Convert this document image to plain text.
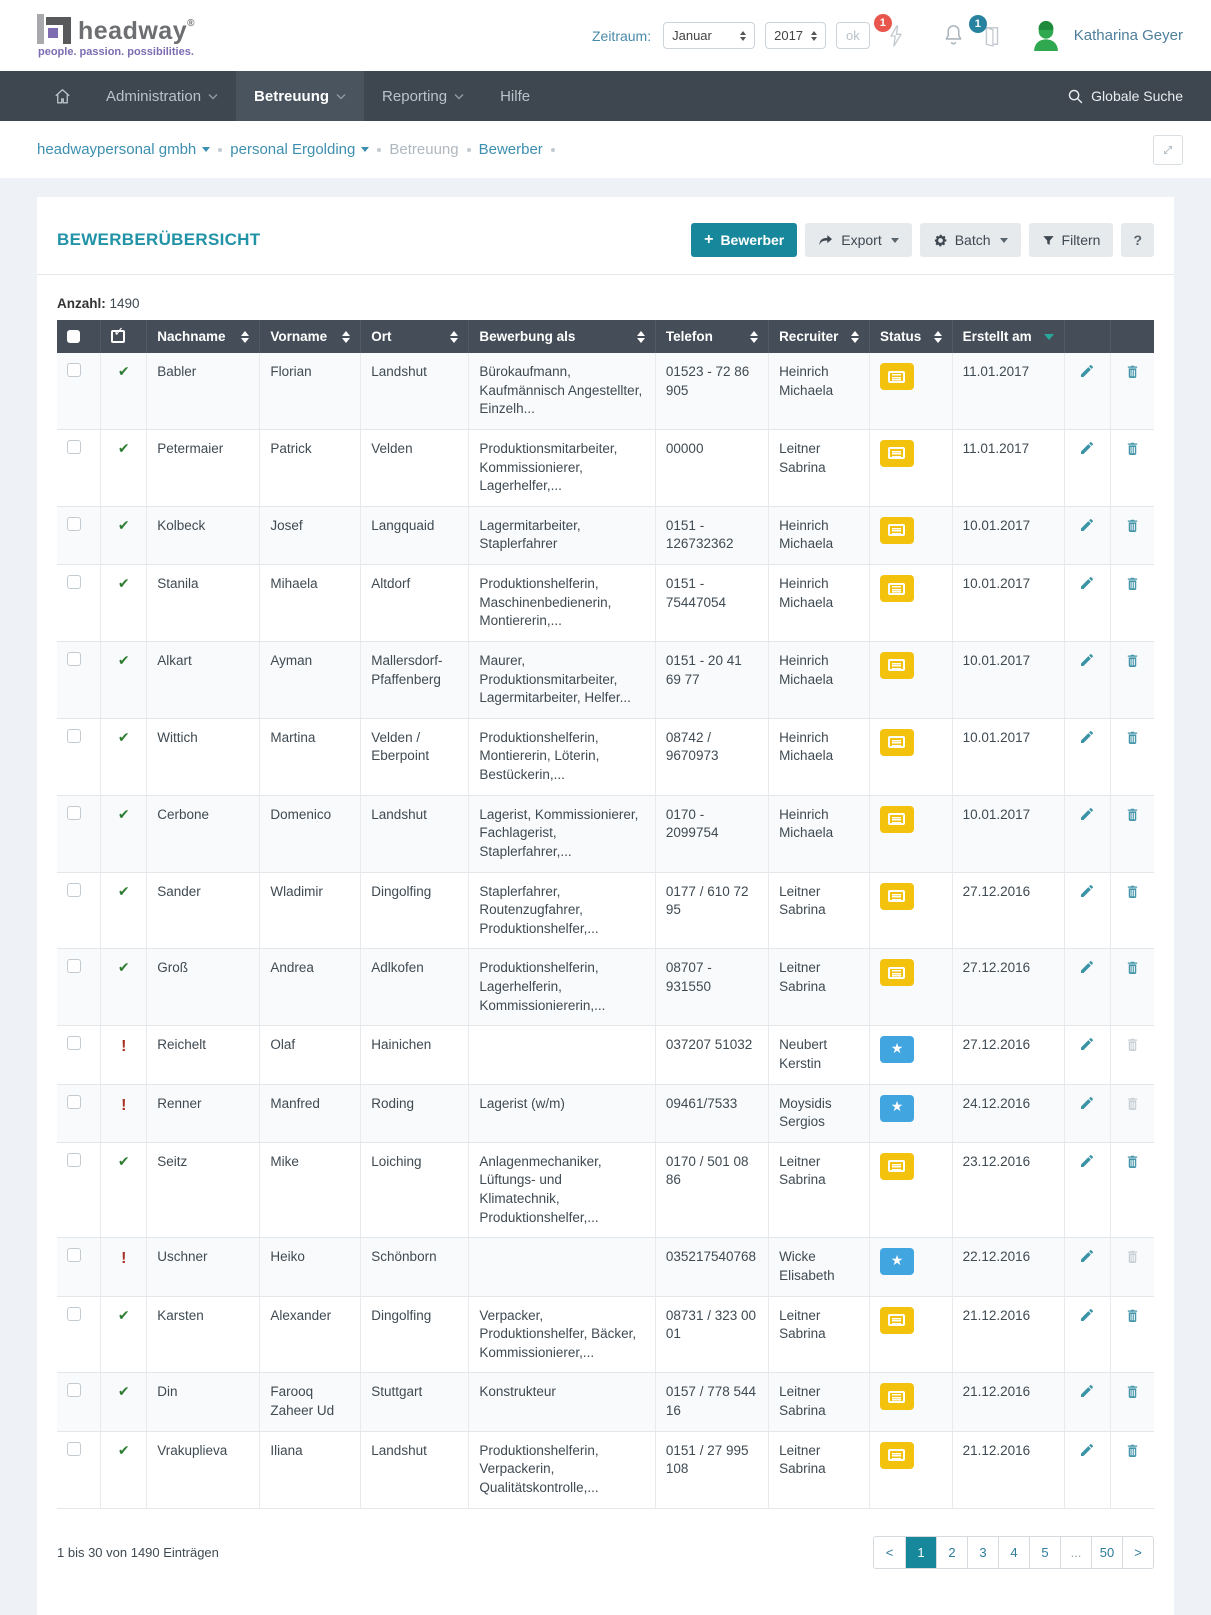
headway®
people. passion. possibilities.
Zeitraum: Januar	2017	ok
1	1
Katharina Geyer
Administration	Betreuung	Reporting	Hilfe	Globale Suche
headwaypersonal gmbh personal Ergolding Betreuung Bewerber
BEWERBERÜBERSICHT	+ Bewerber	Export	Batch	Filtern	?
Anzahl: 1490

✓

Nachname	Vorname	Ort	Bewerbung als	Telefon	Recruiter	Status	Erstellt am		

	✔	Babler	Florian	Landshut	Bürokaufmann, Kaufmännisch Angestellter, Einzelh...	01523 - 72 86 905	Heinrich Michaela		11.01.2017	

	✔	Petermaier	Patrick	Velden	Produktionsmitarbeiter, Kommissionierer, Lagerhelfer,...	00000	Leitner Sabrina		11.01.2017	

	✔	Kolbeck	Josef	Langquaid	Lagermitarbeiter, Staplerfahrer	0151 - 126732362	Heinrich Michaela		10.01.2017	

	✔	Stanila	Mihaela	Altdorf	Produktionshelferin, Maschinenbedienerin, Montiererin,...	0151 - 75447054	Heinrich Michaela		10.01.2017	

	✔	Alkart	Ayman	Mallersdorf-Pfaffenberg	Maurer, Produktionsmitarbeiter, Lagermitarbeiter, Helfer...	0151 - 20 41 69 77	Heinrich Michaela		10.01.2017	

	✔	Wittich	Martina	Velden / Eberpoint	Produktionshelferin, Montiererin, Löterin, Bestückerin,...	08742 / 9670973	Heinrich Michaela		10.01.2017	

	✔	Cerbone	Domenico	Landshut	Lagerist, Kommissionierer, Fachlagerist, Staplerfahrer,...	0170 - 2099754	Heinrich Michaela		10.01.2017	

	✔	Sander	Wladimir	Dingolfing	Staplerfahrer, Routenzugfahrer, Produktionshelfer,...	0177 / 610 72 95	Leitner Sabrina		27.12.2016	

	✔	Groß	Andrea	Adlkofen	Produktionshelferin, Lagerhelferin, Kommissioniererin,...	08707 - 931550	Leitner Sabrina		27.12.2016	

	!	Reichelt	Olaf	Hainichen		037207 51032	Neubert Kerstin	★	27.12.2016	

	!	Renner	Manfred	Roding	Lagerist (w/m)	09461/7533	Moysidis Sergios	★	24.12.2016	

	✔	Seitz	Mike	Loiching	Anlagenmechaniker, Lüftungs- und Klimatechnik, Produktionshelfer,...	0170 / 501 08 86	Leitner Sabrina		23.12.2016	

	!	Uschner	Heiko	Schönborn		035217540768	Wicke Elisabeth	★	22.12.2016	

	✔	Karsten	Alexander	Dingolfing	Verpacker, Produktionshelfer, Bäcker, Kommissionierer,...	08731 / 323 00 01	Leitner Sabrina		21.12.2016	

	✔	Din	Farooq Zaheer Ud	Stuttgart	Konstrukteur	0157 / 778 544 16	Leitner Sabrina		21.12.2016	

	✔	Vrakuplieva	Iliana	Landshut	Produktionshelferin, Verpackerin, Qualitätskontrolle,...	0151 / 27 995 108	Leitner Sabrina		21.12.2016	

1 bis 30 von 1490 Einträgen	<	1	2	3	4	5	...	50	>
